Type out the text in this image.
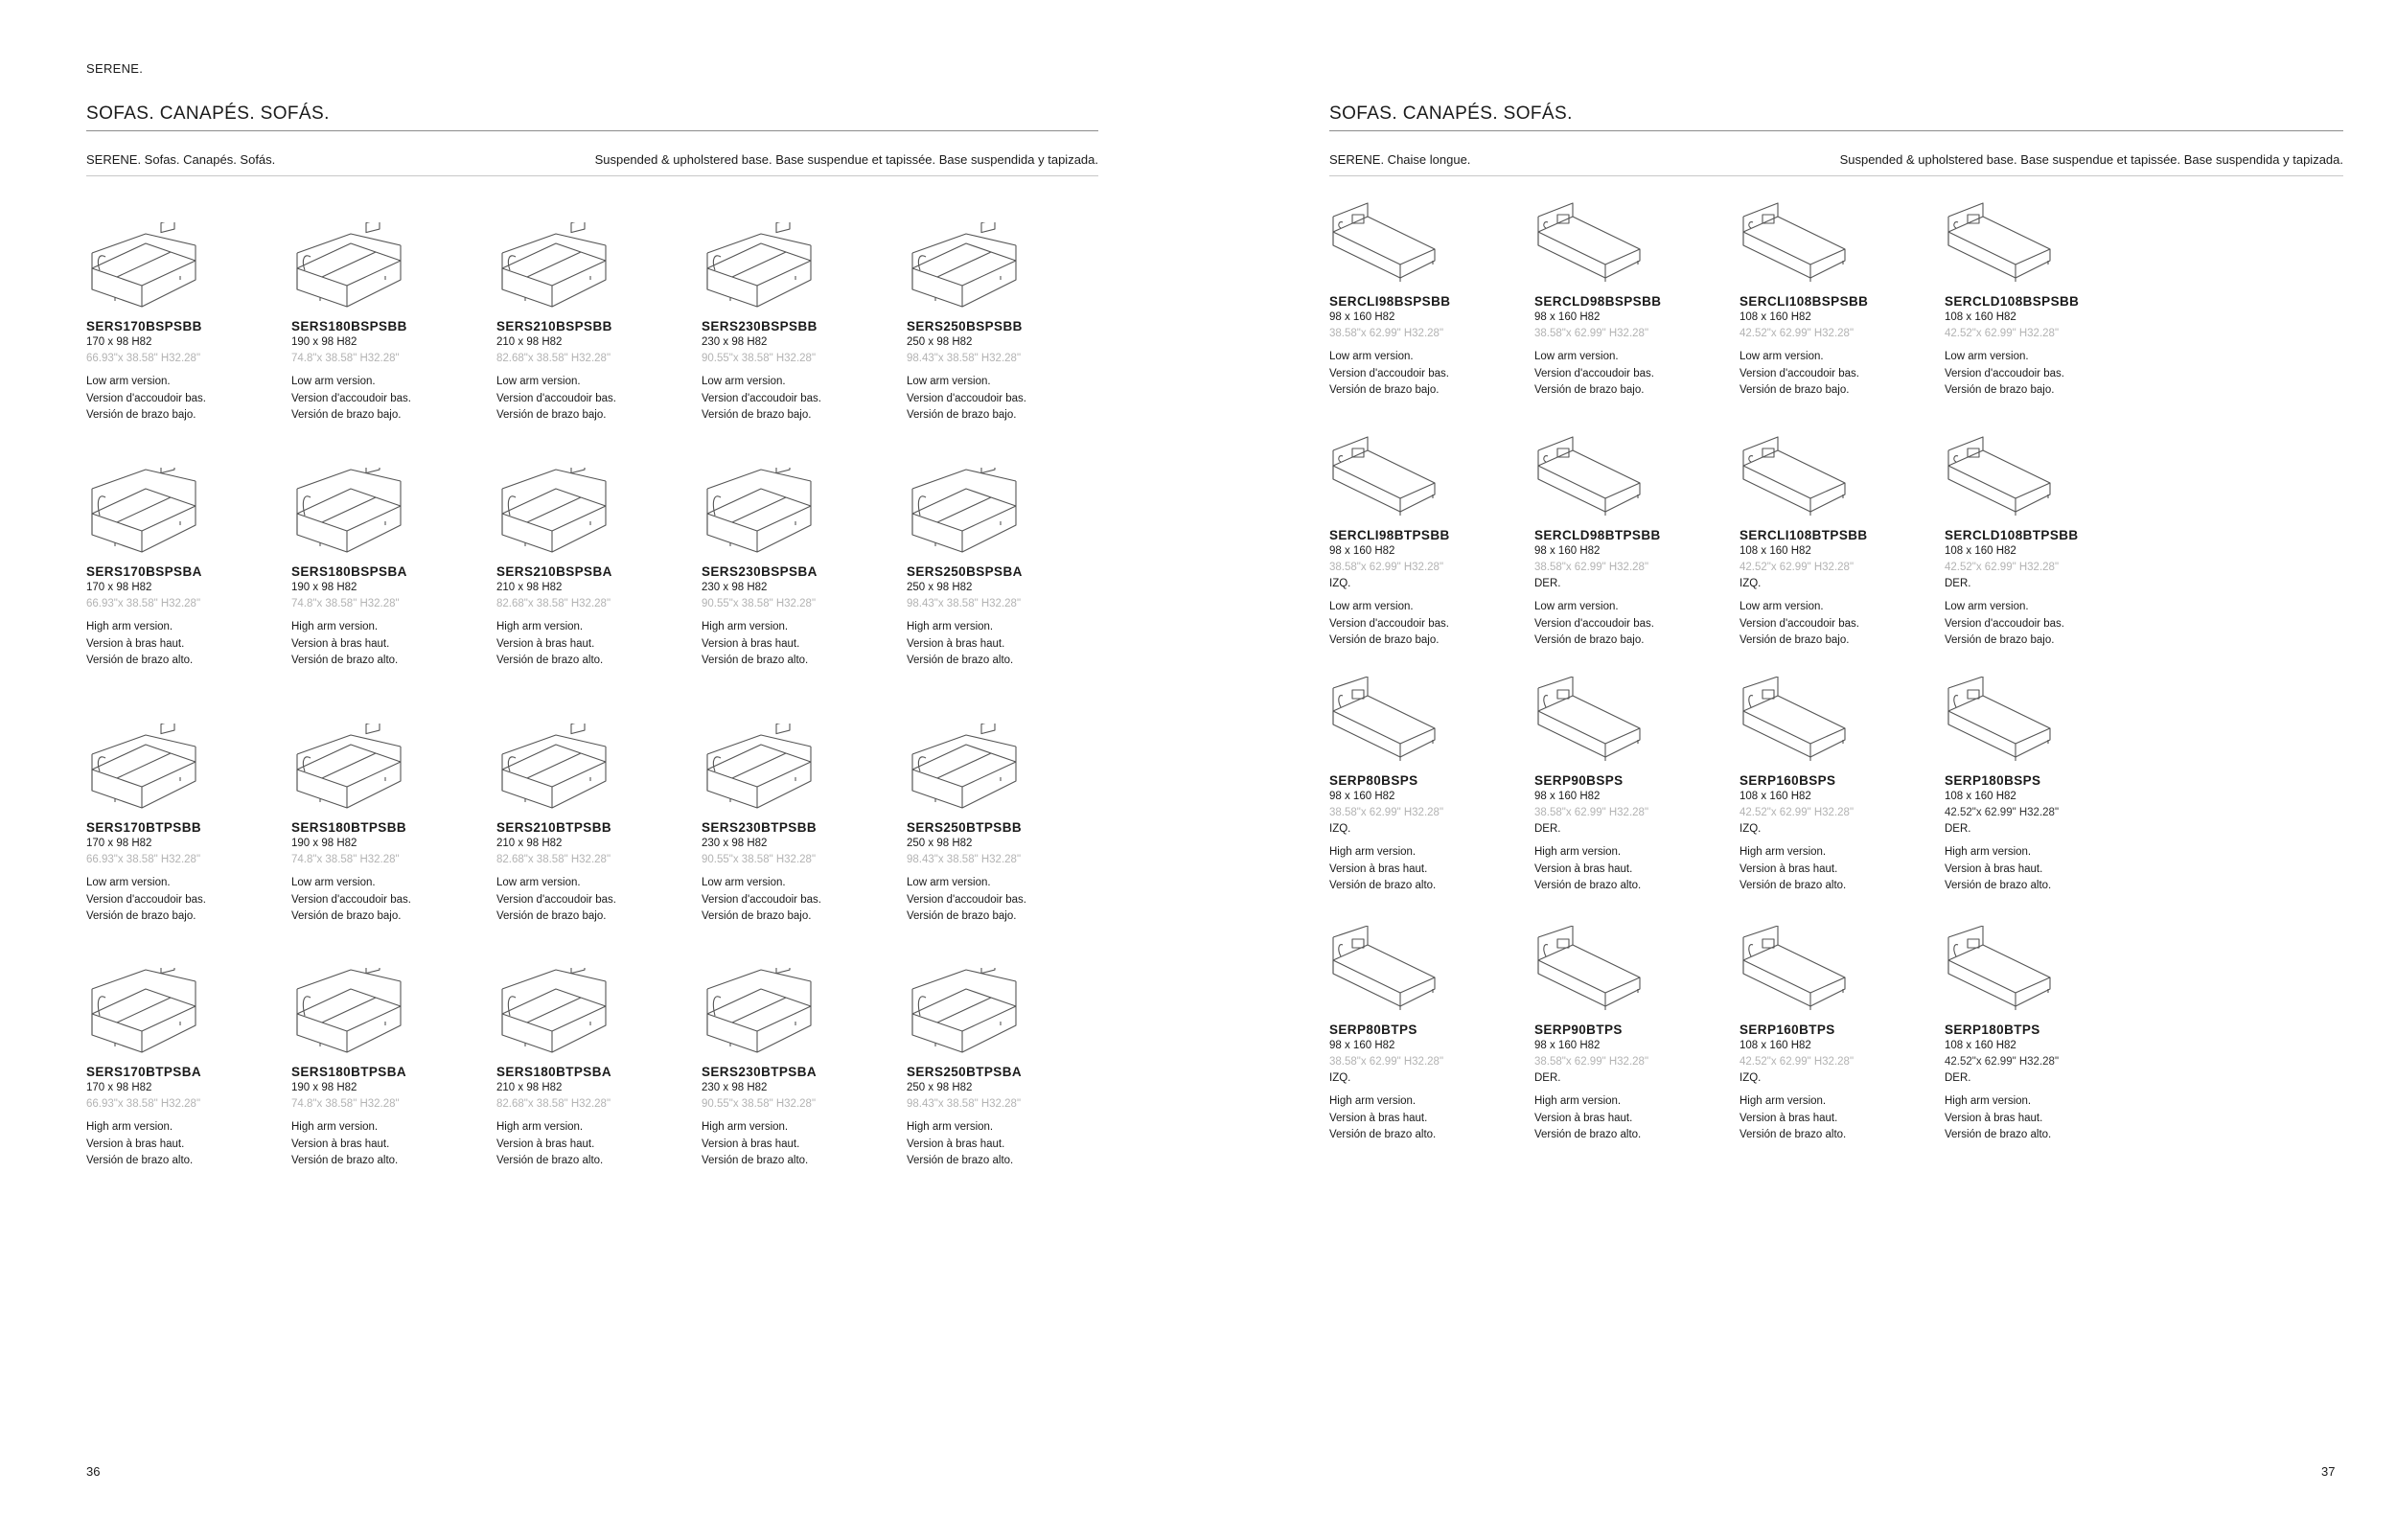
SERENE.
SOFAS. CANAPÉS. SOFÁS.
SERENE. Sofas. Canapés. Sofás.	Suspended & upholstered base. Base suspendue et tapissée. Base suspendida y tapizada.
SERS170BSPSBB
170 x 98 H82
66.93"x 38.58" H32.28"
Low arm version.
Version d'accoudoir bas.
Versión de brazo bajo.
SERS180BSPSBB
190 x 98 H82
74.8"x 38.58" H32.28"
Low arm version.
Version d'accoudoir bas.
Versión de brazo bajo.
SERS210BSPSBB
210 x 98 H82
82.68"x 38.58" H32.28"
Low arm version.
Version d'accoudoir bas.
Versión de brazo bajo.
SERS230BSPSBB
230 x 98 H82
90.55"x 38.58" H32.28"
Low arm version.
Version d'accoudoir bas.
Versión de brazo bajo.
SERS250BSPSBB
250 x 98 H82
98.43"x 38.58" H32.28"
Low arm version.
Version d'accoudoir bas.
Versión de brazo bajo.
SERS170BSPSBA
170 x 98 H82
66.93"x 38.58" H32.28"
High arm version.
Version à bras haut.
Versión de brazo alto.
SERS180BSPSBA
190 x 98 H82
74.8"x 38.58" H32.28"
High arm version.
Version à bras haut.
Versión de brazo alto.
SERS210BSPSBA
210 x 98 H82
82.68"x 38.58" H32.28"
High arm version.
Version à bras haut.
Versión de brazo alto.
SERS230BSPSBA
230 x 98 H82
90.55"x 38.58" H32.28"
High arm version.
Version à bras haut.
Versión de brazo alto.
SERS250BSPSBA
250 x 98 H82
98.43"x 38.58" H32.28"
High arm version.
Version à bras haut.
Versión de brazo alto.
SERS170BTPSBB
170 x 98 H82
66.93"x 38.58" H32.28"
Low arm version.
Version d'accoudoir bas.
Versión de brazo bajo.
SERS180BTPSBB
190 x 98 H82
74.8"x 38.58" H32.28"
Low arm version.
Version d'accoudoir bas.
Versión de brazo bajo.
SERS210BTPSBB
210 x 98 H82
82.68"x 38.58" H32.28"
Low arm version.
Version d'accoudoir bas.
Versión de brazo bajo.
SERS230BTPSBB
230 x 98 H82
90.55"x 38.58" H32.28"
Low arm version.
Version d'accoudoir bas.
Versión de brazo bajo.
SERS250BTPSBB
250 x 98 H82
98.43"x 38.58" H32.28"
Low arm version.
Version d'accoudoir bas.
Versión de brazo bajo.
SERS170BTPSBA
170 x 98 H82
66.93"x 38.58" H32.28"
High arm version.
Version à bras haut.
Versión de brazo alto.
SERS180BTPSBA
190 x 98 H82
74.8"x 38.58" H32.28"
High arm version.
Version à bras haut.
Versión de brazo alto.
SERS180BTPSBA
210 x 98 H82
82.68"x 38.58" H32.28"
High arm version.
Version à bras haut.
Versión de brazo alto.
SERS230BTPSBA
230 x 98 H82
90.55"x 38.58" H32.28"
High arm version.
Version à bras haut.
Versión de brazo alto.
SERS250BTPSBA
250 x 98 H82
98.43"x 38.58" H32.28"
High arm version.
Version à bras haut.
Versión de brazo alto.
36
SOFAS. CANAPÉS. SOFÁS.
SERENE. Chaise longue.	Suspended & upholstered base. Base suspendue et tapissée. Base suspendida y tapizada.
SERCLI98BSPSBB
98 x 160 H82
38.58"x 62.99" H32.28"
Low arm version.
Version d'accoudoir bas.
Versión de brazo bajo.
SERCLD98BSPSBB
98 x 160 H82
38.58"x 62.99" H32.28"
Low arm version.
Version d'accoudoir bas.
Versión de brazo bajo.
SERCLI108BSPSBB
108 x 160 H82
42.52"x 62.99" H32.28"
Low arm version.
Version d'accoudoir bas.
Versión de brazo bajo.
SERCLD108BSPSBB
108 x 160 H82
42.52"x 62.99" H32.28"
Low arm version.
Version d'accoudoir bas.
Versión de brazo bajo.
SERCLI98BTPSBB
98 x 160 H82
38.58"x 62.99" H32.28"
IZQ.
Low arm version.
Version d'accoudoir bas.
Versión de brazo bajo.
SERCLD98BTPSBB
98 x 160 H82
38.58"x 62.99" H32.28"
DER.
Low arm version.
Version d'accoudoir bas.
Versión de brazo bajo.
SERCLI108BTPSBB
108 x 160 H82
42.52"x 62.99" H32.28"
IZQ.
Low arm version.
Version d'accoudoir bas.
Versión de brazo bajo.
SERCLD108BTPSBB
108 x 160 H82
42.52"x 62.99" H32.28"
DER.
Low arm version.
Version d'accoudoir bas.
Versión de brazo bajo.
SERP80BSPS
98 x 160 H82
38.58"x 62.99" H32.28"
IZQ.
High arm version.
Version à bras haut.
Versión de brazo alto.
SERP90BSPS
98 x 160 H82
38.58"x 62.99" H32.28"
DER.
High arm version.
Version à bras haut.
Versión de brazo alto.
SERP160BSPS
108 x 160 H82
42.52"x 62.99" H32.28"
IZQ.
High arm version.
Version à bras haut.
Versión de brazo alto.
SERP180BSPS
108 x 160 H82
42.52"x 62.99" H32.28"
DER.
High arm version.
Version à bras haut.
Versión de brazo alto.
SERP80BTPS
98 x 160 H82
38.58"x 62.99" H32.28"
IZQ.
High arm version.
Version à bras haut.
Versión de brazo alto.
SERP90BTPS
98 x 160 H82
38.58"x 62.99" H32.28"
DER.
High arm version.
Version à bras haut.
Versión de brazo alto.
SERP160BTPS
108 x 160 H82
42.52"x 62.99" H32.28"
IZQ.
High arm version.
Version à bras haut.
Versión de brazo alto.
SERP180BTPS
108 x 160 H82
42.52"x 62.99" H32.28"
DER.
High arm version.
Version à bras haut.
Versión de brazo alto.
37
